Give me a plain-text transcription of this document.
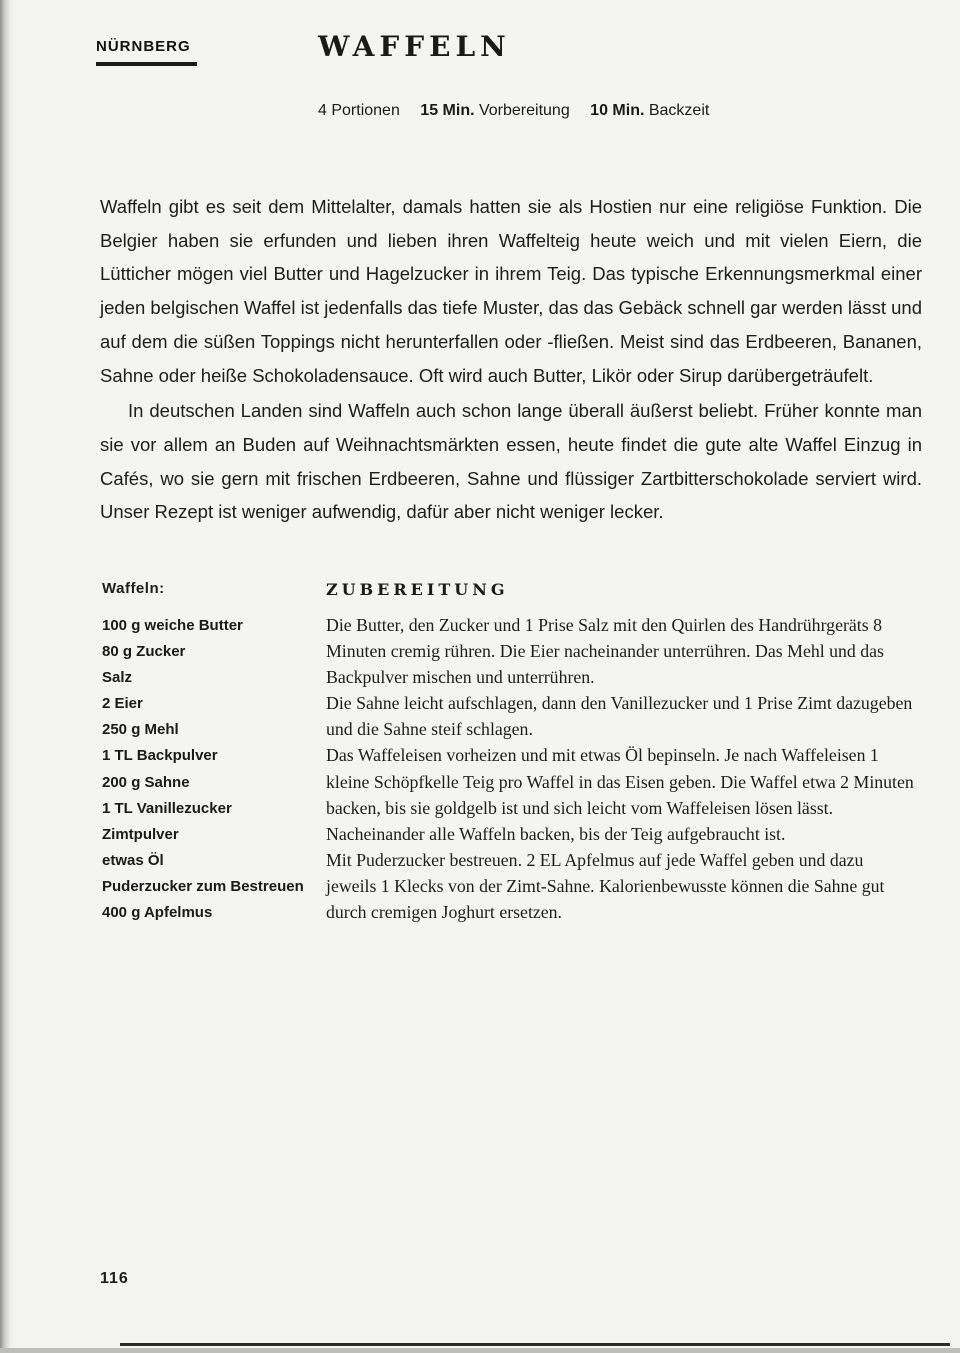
NÜRNBERG	WAFFELN
4 Portionen 15 Min. Vorbereitung 10 Min. Backzeit

Waffeln gibt es seit dem Mittelalter, damals hatten sie als Hostien nur eine religiöse Funktion. Die Belgier haben sie erfunden und lieben ihren Waffelteig heute weich und mit vielen Eiern, die Lütticher mögen viel Butter und Hagelzucker in ihrem Teig. Das typische Erkennungsmerkmal einer jeden belgischen Waffel ist jedenfalls das tiefe Muster, das das Gebäck schnell gar werden lässt und auf dem die süßen Toppings nicht herunterfallen oder -fließen. Meist sind das Erdbeeren, Bananen, Sahne oder heiße Schokoladensauce. Oft wird auch Butter, Likör oder Sirup darübergeträufelt.

In deutschen Landen sind Waffeln auch schon lange überall äußerst beliebt. Früher konnte man sie vor allem an Buden auf Weihnachtsmärkten essen, heute findet die gute alte Waffel Einzug in Cafés, wo sie gern mit frischen Erdbeeren, Sahne und flüssiger Zartbitterschokolade serviert wird. Unser Rezept ist weniger aufwendig, dafür aber nicht weniger lecker.

Waffeln:
100 g weiche Butter
80 g Zucker
Salz
2 Eier
250 g Mehl
1 TL Backpulver
200 g Sahne
1 TL Vanillezucker
Zimtpulver
etwas Öl
Puderzucker zum Bestreuen
400 g Apfelmus
ZUBEREITUNG

Die Butter, den Zucker und 1 Prise Salz mit den Quirlen des Handrührgeräts 8 Minuten cremig rühren. Die Eier nacheinander unterrühren. Das Mehl und das Backpulver mischen und unterrühren.

Die Sahne leicht aufschlagen, dann den Vanillezucker und 1 Prise Zimt dazugeben und die Sahne steif schlagen.

Das Waffeleisen vorheizen und mit etwas Öl bepinseln. Je nach Waffeleisen 1 kleine Schöpfkelle Teig pro Waffel in das Eisen geben. Die Waffel etwa 2 Minuten backen, bis sie goldgelb ist und sich leicht vom Waffeleisen lösen lässt. Nacheinander alle Waffeln backen, bis der Teig aufgebraucht ist.

Mit Puderzucker bestreuen. 2 EL Apfelmus auf jede Waffel geben und dazu jeweils 1 Klecks von der Zimt-Sahne. Kalorienbewusste können die Sahne gut durch cremigen Joghurt ersetzen.

116
